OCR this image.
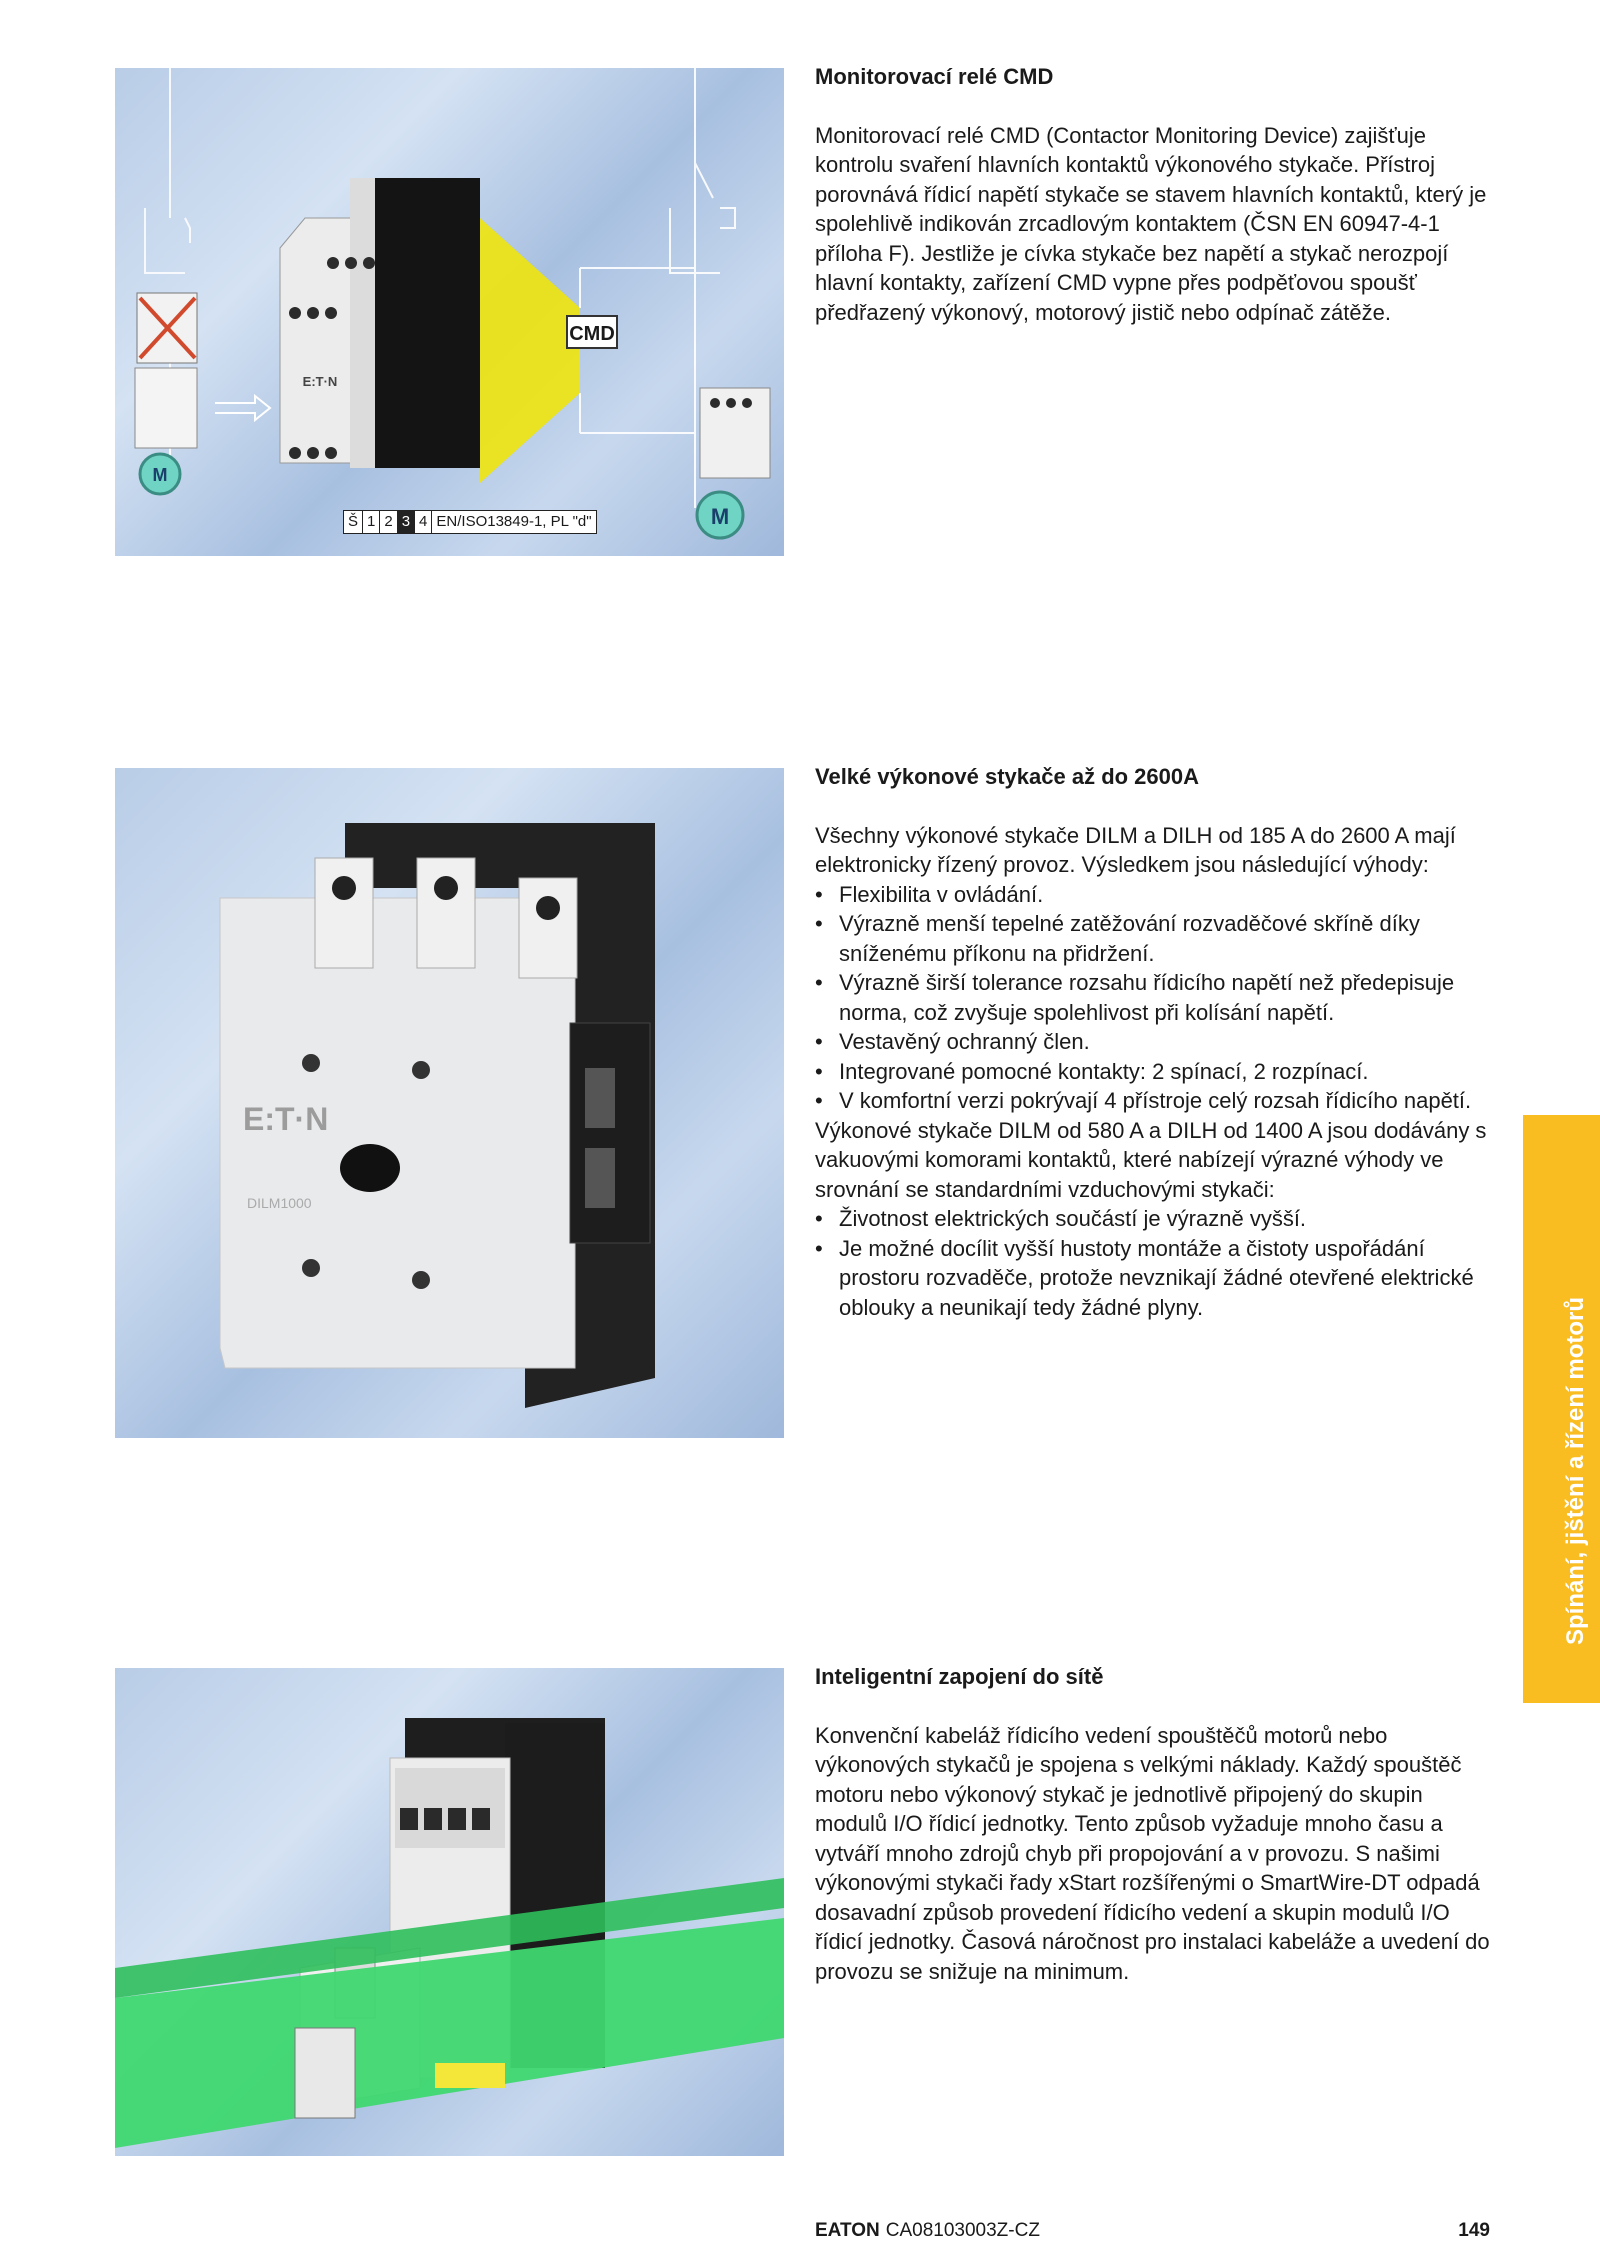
M
E:T·N
CMD
M
Š 1 2 3 4 EN/ISO13849-1, PL "d"

Monitorovací relé CMD

Monitorovací relé CMD (Contactor Monitoring Device) zajišťuje kontrolu svaření hlavních kontaktů výkonového stykače. Přístroj porovnává řídicí napětí stykače se stavem hlavních kontaktů, který je spolehlivě indikován zrcadlovým kontaktem (ČSN EN 60947-4-1 příloha F). Jestliže je cívka stykače bez napětí a stykač nerozpojí hlavní kontakty, zařízení CMD vypne přes podpěťovou spoušť předřazený výkonový, motorový jistič nebo odpínač zátěže.

E:T·N
DILM1000

Velké výkonové stykače až do 2600A

Všechny výkonové stykače DILM a DILH od 185 A do 2600 A mají elektronicky řízený provoz. Výsledkem jsou následující výhody:

• Flexibilita v ovládání.
• Výrazně menší tepelné zatěžování rozvaděčové skříně díky sníženému příkonu na přidržení.
• Výrazně širší tolerance rozsahu řídicího napětí než předepisuje norma, což zvyšuje spolehlivost při kolísání napětí.
• Vestavěný ochranný člen.
• Integrované pomocné kontakty: 2 spínací, 2 rozpínací.
• V komfortní verzi pokrývají 4 přístroje celý rozsah řídicího napětí.

Výkonové stykače DILM od 580 A a DILH od 1400 A jsou dodávány s vakuovými komorami kontaktů, které nabízejí výrazné výhody ve srovnání se standardními vzduchovými stykači:

• Životnost elektrických součástí je výrazně vyšší.
• Je možné docílit vyšší hustoty montáže a čistoty uspořádání prostoru rozvaděče, protože nevznikají žádné otevřené elektrické oblouky a neunikají tedy žádné plyny.

Inteligentní zapojení do sítě

Konvenční kabeláž řídicího vedení spouštěčů motorů nebo výkonových stykačů je spojena s velkými náklady. Každý spouštěč motoru nebo výkonový stykač je jednotlivě připojený do skupin modulů I/O řídicí jednotky. Tento způsob vyžaduje mnoho času a vytváří mnoho zdrojů chyb při propojování a v provozu. S našimi výkonovými stykači řady xStart rozšířenými o SmartWire-DT odpadá dosavadní způsob provedení řídicího vedení a skupin modulů I/O řídicí jednotky. Časová náročnost pro instalaci kabeláže a uvedení do provozu se snižuje na minimum.

Spínání, jištění a řízení motorů
EATON CA08103003Z-CZ	149
